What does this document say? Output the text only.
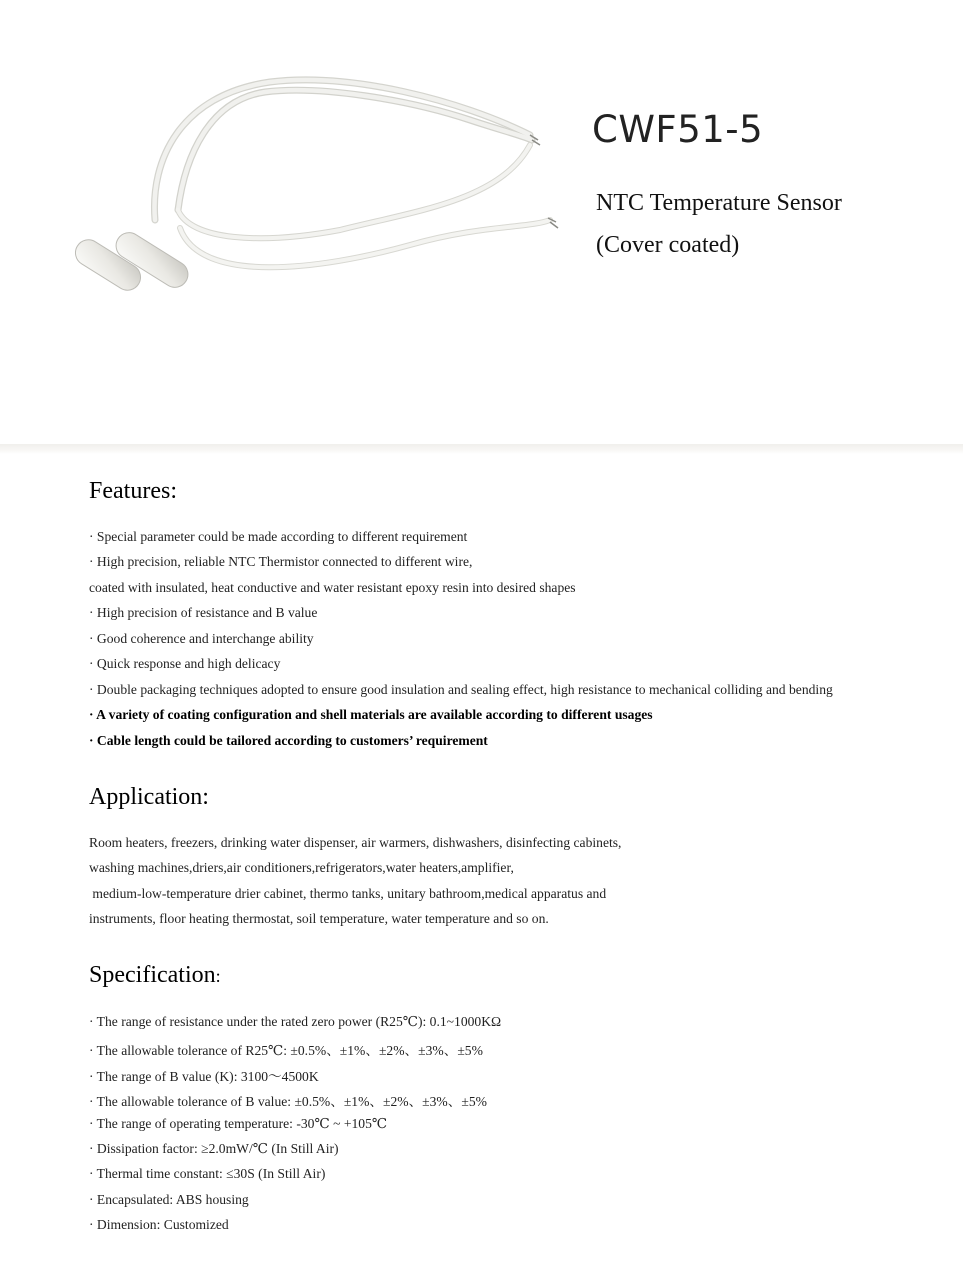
CWF51-5
NTC Temperature Sensor
(Cover coated)
Features:
· Special parameter could be made according to different requirement
· High precision, reliable NTC Thermistor connected to different wire,
coated with insulated, heat conductive and water resistant epoxy resin into desired shapes
· High precision of resistance and B value
· Good coherence and interchange ability
· Quick response and high delicacy
· Double packaging techniques adopted to ensure good insulation and sealing effect, high resistance to mechanical colliding and bending
· A variety of coating configuration and shell materials are available according to different usages
· Cable length could be tailored according to customers’ requirement
Application:
Room heaters, freezers, drinking water dispenser, air warmers, dishwashers, disinfecting cabinets,
washing machines,driers,air conditioners,refrigerators,water heaters,amplifier,
medium-low-temperature drier cabinet, thermo tanks, unitary bathroom,medical apparatus and
instruments, floor heating thermostat, soil temperature, water temperature and so on.
Specification:
· The range of resistance under the rated zero power (R25℃): 0.1~1000KΩ
· The allowable tolerance of R25℃: ±0.5%、±1%、±2%、±3%、±5%
· The range of B value (K): 3100～4500K
· The allowable tolerance of B value: ±0.5%、±1%、±2%、±3%、±5%
· The range of operating temperature: -30℃ ~ +105℃
· Dissipation factor: ≥2.0mW/℃ (In Still Air)
· Thermal time constant: ≤30S (In Still Air)
· Encapsulated: ABS housing
· Dimension: Customized
